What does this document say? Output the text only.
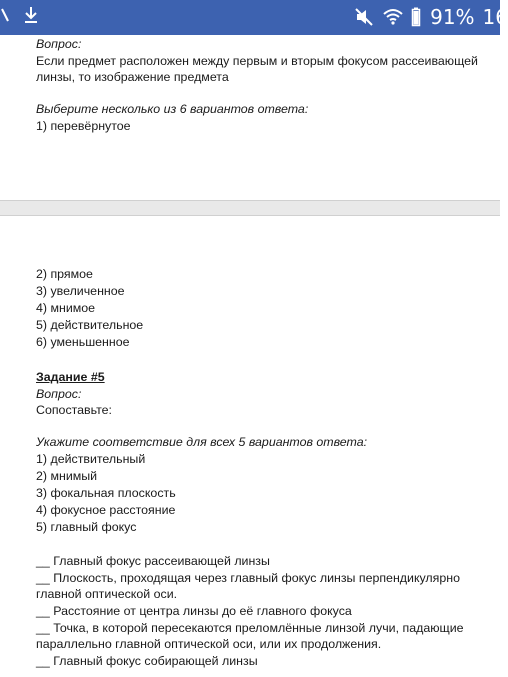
91% 16
Вопрос:
Если предмет расположен между первым и вторым фокусом рассеивающей
линзы, то изображение предмета
Выберите несколько из 6 вариантов ответа:
1) перевёрнутое
2) прямое
3) увеличенное
4) мнимое
5) действительное
6) уменьшенное
Задание #5
Вопрос:
Сопоставьте:
Укажите соответствие для всех 5 вариантов ответа:
1) действительный
2) мнимый
3) фокальная плоскость
4) фокусное расстояние
5) главный фокус
__ Главный фокус рассеивающей линзы
__ Плоскость, проходящая через главный фокус линзы перпендикулярно
главной оптической оси.
__ Расстояние от центра линзы до её главного фокуса
__ Точка, в которой пересекаются преломлённые линзой лучи, падающие
параллельно главной оптической оси, или их продолжения.
__ Главный фокус собирающей линзы
